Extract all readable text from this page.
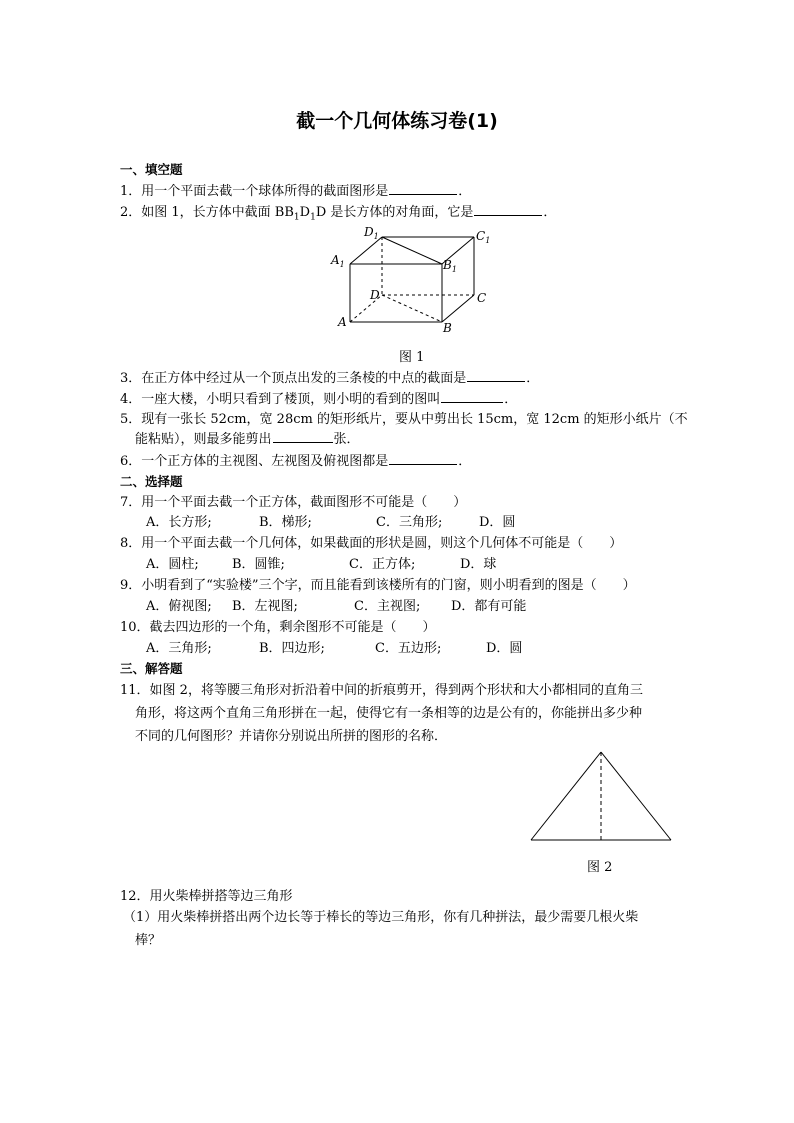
截一个几何体练习卷(1)
一、填空题
1．用一个平面去截一个球体所得的截面图形是	．
2．如图 1，长方体中截面 $BB_1D_1D$ 是长方体的对角面，它是	．
$D_1$	$C_1$
$A_1$	$B_1$
D	C
A	B
图 1
3．在正方体中经过从一个顶点出发的三条棱的中点的截面是	．
4．一座大楼，小明只看到了楼顶，则小明的看到的图叫	．
5．现有一张长 52cm，宽 28cm 的矩形纸片，要从中剪出长 15cm，宽 12cm 的矩形小纸片（不
能粘贴），则最多能剪出	张．
6．一个正方体的主视图、左视图及俯视图都是	．
二、选择题
7．用一个平面去截一个正方体，截面图形不可能是（　　）
A．长方形;	B．梯形;	C．三角形;	D．圆
8．用一个平面去截一个几何体，如果截面的形状是圆，则这个几何体不可能是（　　）
A．圆柱;	B．圆锥;	C．正方体;	D．球
9．小明看到了“实验楼”三个字，而且能看到该楼所有的门窗，则小明看到的图是（　　）
A．俯视图; B．左视图;	C．主视图; D．都有可能
10．截去四边形的一个角，剩余图形不可能是（　　）
A．三角形;	B．四边形;	C．五边形;	D．圆
三、解答题
11．如图 2，将等腰三角形对折沿着中间的折痕剪开，得到两个形状和大小都相同的直角三
角形，将这两个直角三角形拼在一起，使得它有一条相等的边是公有的，你能拼出多少种
不同的几何图形？并请你分别说出所拼的图形的名称．
图 2
12．用火柴棒拼搭等边三角形
（1）用火柴棒拼搭出两个边长等于棒长的等边三角形，你有几种拼法，最少需要几根火柴
棒？
